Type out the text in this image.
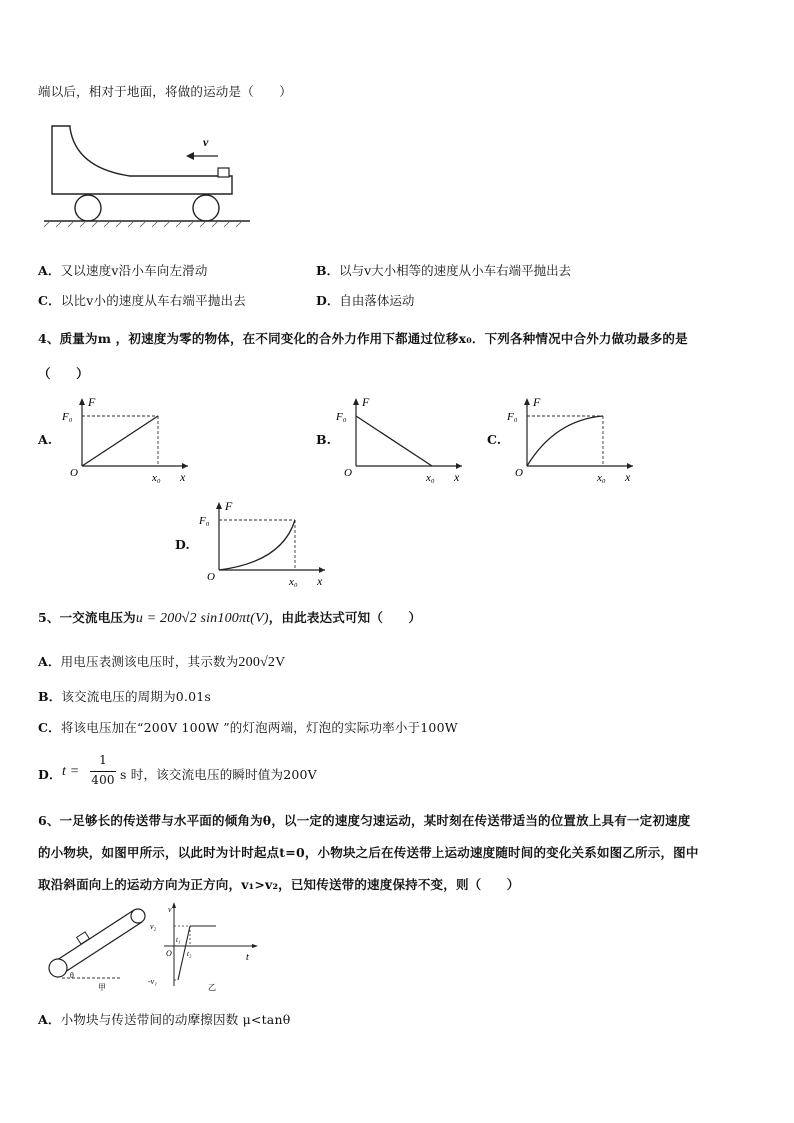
端以后，相对于地面，将做的运动是（　　）
v
A．又以速度v沿小车向左滑动	B．以与v大小相等的速度从小车右端平抛出去
C．以比v小的速度从车右端平抛出去	D．自由落体运动
4、质量为m ，初速度为零的物体，在不同变化的合外力作用下都通过位移x₀．下列各种情况中合外力做功最多的是
（　　）
A.
F
F₀
O	x₀ x
B.
F
F₀
O	x₀ x
C.
F
F₀
O	x₀ x
D.
F
F₀
O	x₀ x
5、一交流电压为u = 200√2 sin100πt(V)，由此表达式可知（　　）
A．用电压表测该电压时，其示数为200√2V
B．该交流电压的周期为0.01s
C．将该电压加在“200V 100W ”的灯泡两端，灯泡的实际功率小于100W
D． t =
1
400 s 时，该交流电压的瞬时值为200V
6、一足够长的传送带与水平面的倾角为θ，以一定的速度匀速运动，某时刻在传送带适当的位置放上具有一定初速度
的小物块，如图甲所示，以此时为计时起点t=0，小物块之后在传送带上运动速度随时间的变化关系如图乙所示，图中
取沿斜面向上的运动方向为正方向，v₁>v₂，已知传送带的速度保持不变，则（　　）
θ
甲
v
v₂
t₁
t₂
O	t
-v₁
乙
A．小物块与传送带间的动摩擦因数 μ<tanθ
